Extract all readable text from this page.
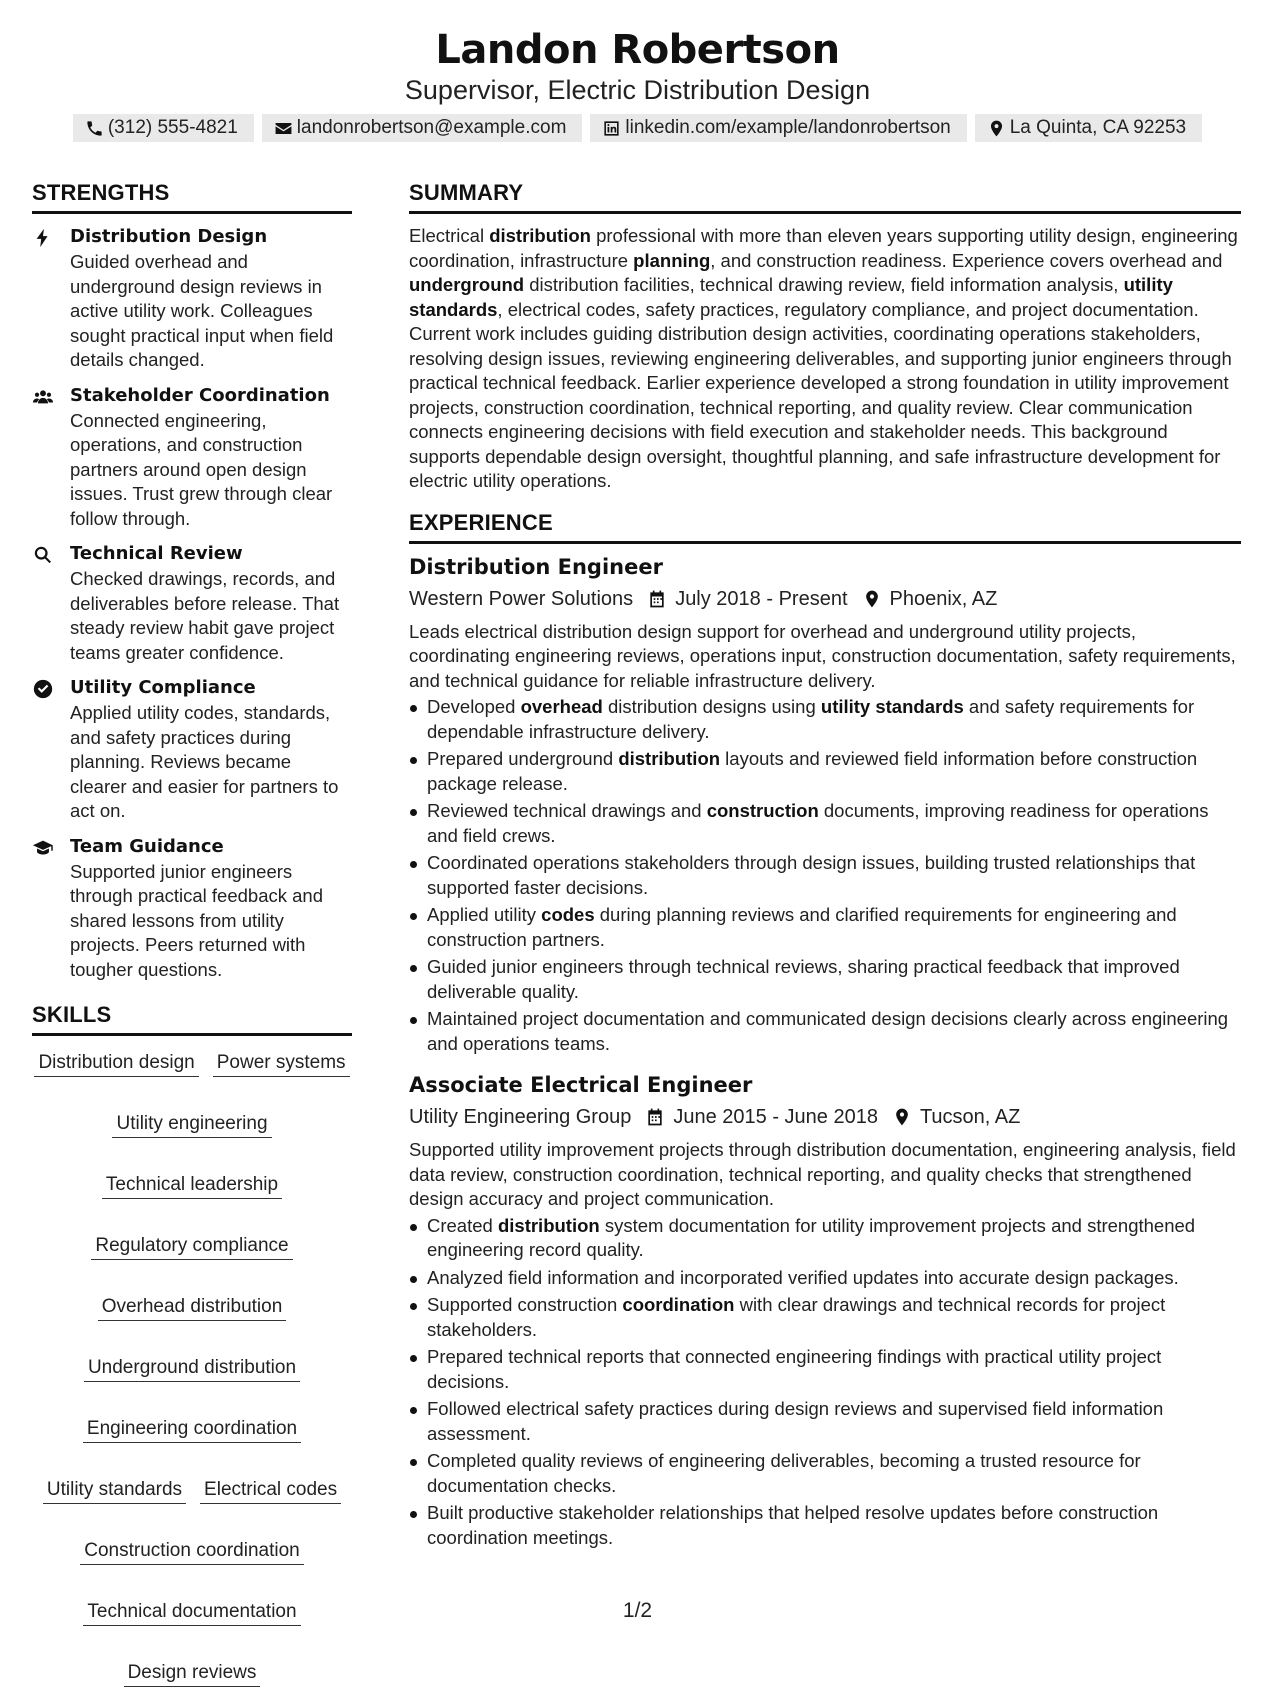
Landon Robertson
Supervisor, Electric Distribution Design
(312) 555-4821	landonrobertson@example.com	linkedin.com/example/landonrobertson	La Quinta, CA 92253
STRENGTHS
Distribution Design
Guided overhead and underground design reviews in active utility work. Colleagues sought practical input when field details changed.
Stakeholder Coordination
Connected engineering, operations, and construction partners around open design issues. Trust grew through clear follow through.
Technical Review
Checked drawings, records, and deliverables before release. That steady review habit gave project teams greater confidence.
Utility Compliance
Applied utility codes, standards, and safety practices during planning. Reviews became clearer and easier for partners to act on.
Team Guidance
Supported junior engineers through practical feedback and shared lessons from utility projects. Peers returned with tougher questions.
SKILLS
Distribution design Power systems
Utility engineering
Technical leadership
Regulatory compliance
Overhead distribution
Underground distribution
Engineering coordination
Utility standards Electrical codes
Construction coordination
Technical documentation
Design reviews
SUMMARY
Electrical distribution professional with more than eleven years supporting utility design, engineering coordination, infrastructure planning, and construction readiness. Experience covers overhead and underground distribution facilities, technical drawing review, field information analysis, utility standards, electrical codes, safety practices, regulatory compliance, and project documentation. Current work includes guiding distribution design activities, coordinating operations stakeholders, resolving design issues, reviewing engineering deliverables, and supporting junior engineers through practical technical feedback. Earlier experience developed a strong foundation in utility improvement projects, construction coordination, technical reporting, and quality review. Clear communication connects engineering decisions with field execution and stakeholder needs. This background supports dependable design oversight, thoughtful planning, and safe infrastructure development for electric utility operations.
EXPERIENCE
Distribution Engineer
Western Power Solutions July 2018 - Present Phoenix, AZ
Leads electrical distribution design support for overhead and underground utility projects, coordinating engineering reviews, operations input, construction documentation, safety requirements, and technical guidance for reliable infrastructure delivery.
Developed overhead distribution designs using utility standards and safety requirements for dependable infrastructure delivery.
Prepared underground distribution layouts and reviewed field information before construction package release.
Reviewed technical drawings and construction documents, improving readiness for operations and field crews.
Coordinated operations stakeholders through design issues, building trusted relationships that supported faster decisions.
Applied utility codes during planning reviews and clarified requirements for engineering and construction partners.
Guided junior engineers through technical reviews, sharing practical feedback that improved deliverable quality.
Maintained project documentation and communicated design decisions clearly across engineering and operations teams.
Associate Electrical Engineer
Utility Engineering Group June 2015 - June 2018 Tucson, AZ
Supported utility improvement projects through distribution documentation, engineering analysis, field data review, construction coordination, technical reporting, and quality checks that strengthened design accuracy and project communication.
Created distribution system documentation for utility improvement projects and strengthened engineering record quality.
Analyzed field information and incorporated verified updates into accurate design packages.
Supported construction coordination with clear drawings and technical records for project stakeholders.
Prepared technical reports that connected engineering findings with practical utility project decisions.
Followed electrical safety practices during design reviews and supervised field information assessment.
Completed quality reviews of engineering deliverables, becoming a trusted resource for documentation checks.
Built productive stakeholder relationships that helped resolve updates before construction coordination meetings.
1/2
